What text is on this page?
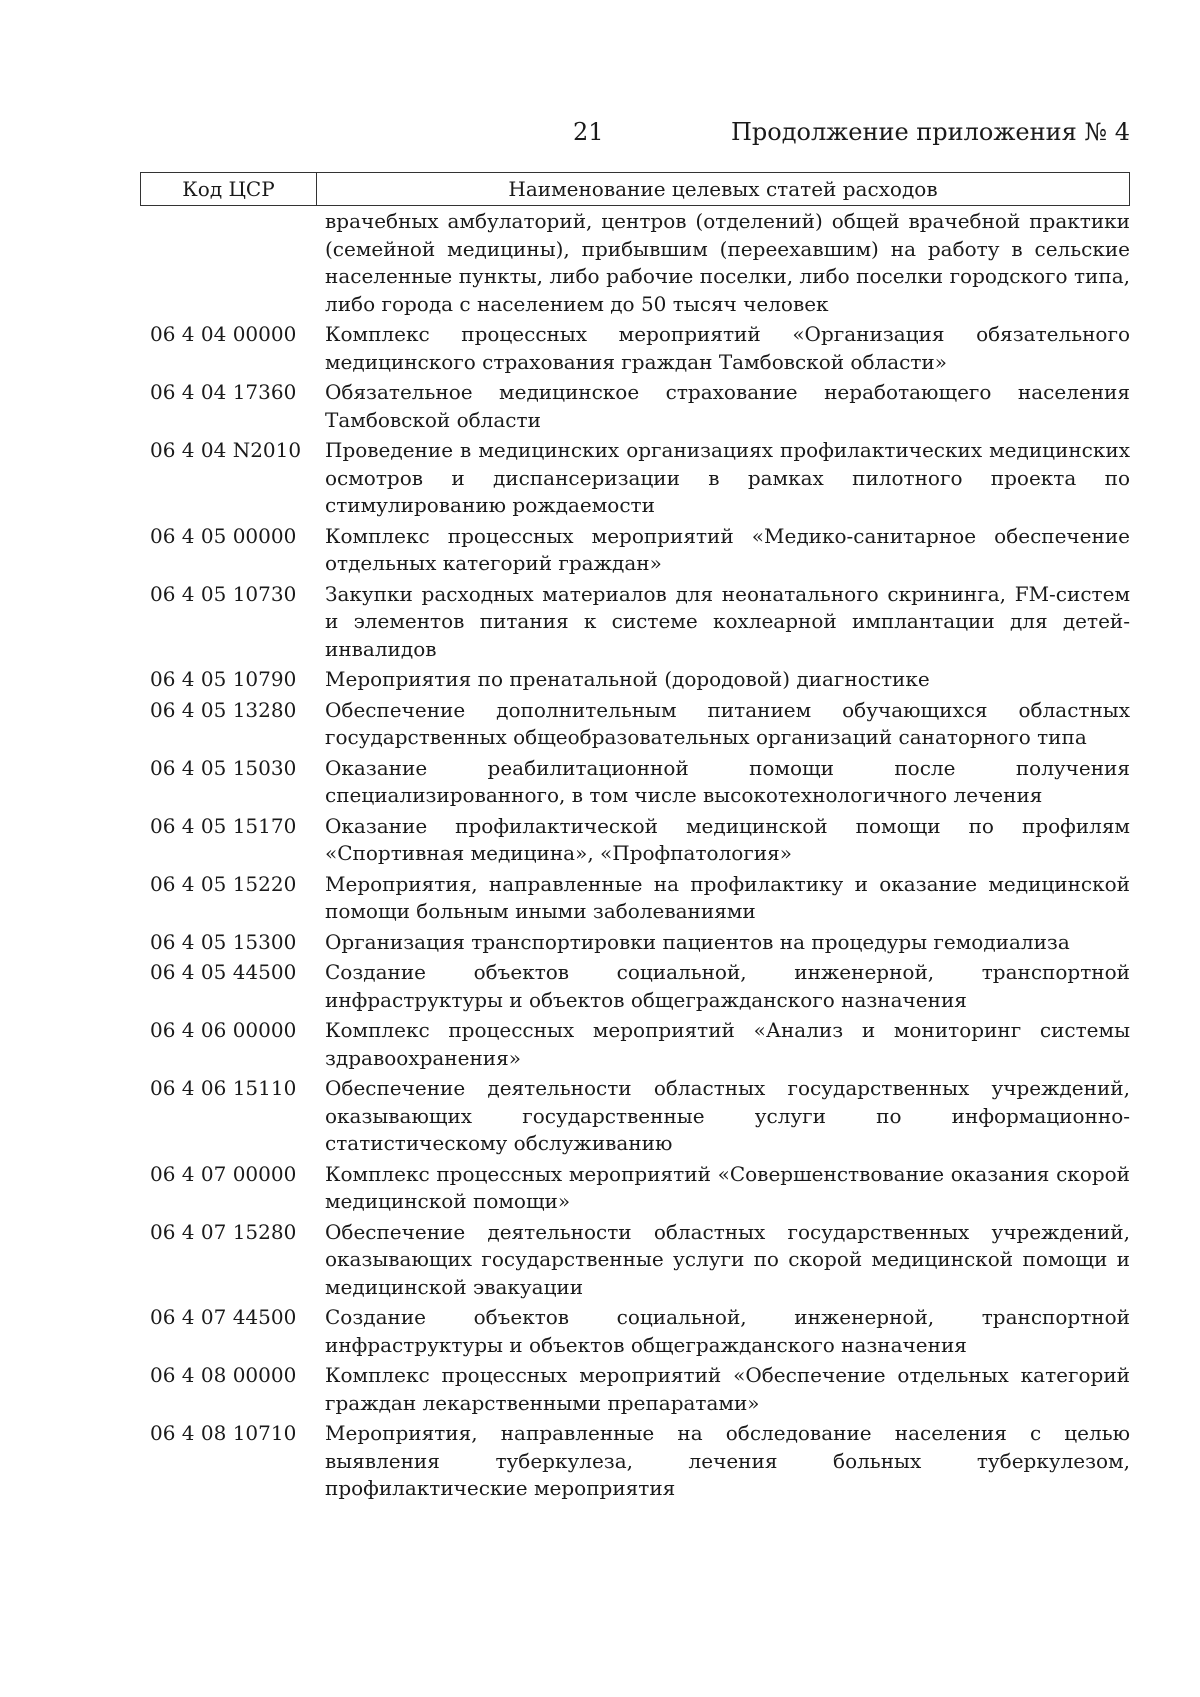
21	Продолжение приложения № 4
Код ЦСР	Наименование целевых статей расходов
врачебных амбулаторий, центров (отделений) общей врачебной практики (семейной медицины), прибывшим (переехавшим) на работу в сельские населенные пункты, либо рабочие поселки, либо поселки городского типа, либо города с населением до 50 тысяч человек
06 4 04 00000	Комплекс процессных мероприятий «Организация обязательного медицинского страхования граждан Тамбовской области»
06 4 04 17360	Обязательное медицинское страхование неработающего населения Тамбовской области
06 4 04 N2010	Проведение в медицинских организациях профилактических медицинских осмотров и диспансеризации в рамках пилотного проекта по стимулированию рождаемости
06 4 05 00000	Комплекс процессных мероприятий «Медико-санитарное обеспечение отдельных категорий граждан»
06 4 05 10730	Закупки расходных материалов для неонатального скрининга, FM-систем и элементов питания к системе кохлеарной имплантации для детей-инвалидов
06 4 05 10790	Мероприятия по пренатальной (дородовой) диагностике
06 4 05 13280	Обеспечение дополнительным питанием обучающихся областных государственных общеобразовательных организаций санаторного типа
06 4 05 15030	Оказание реабилитационной помощи после получения специализированного, в том числе высокотехнологичного лечения
06 4 05 15170	Оказание профилактической медицинской помощи по профилям «Спортивная медицина», «Профпатология»
06 4 05 15220	Мероприятия, направленные на профилактику и оказание медицинской помощи больным иными заболеваниями
06 4 05 15300	Организация транспортировки пациентов на процедуры гемодиализа
06 4 05 44500	Создание объектов социальной, инженерной, транспортной инфраструктуры и объектов общегражданского назначения
06 4 06 00000	Комплекс процессных мероприятий «Анализ и мониторинг системы здравоохранения»
06 4 06 15110	Обеспечение деятельности областных государственных учреждений, оказывающих государственные услуги по информационно-статистическому обслуживанию
06 4 07 00000	Комплекс процессных мероприятий «Совершенствование оказания скорой медицинской помощи»
06 4 07 15280	Обеспечение деятельности областных государственных учреждений, оказывающих государственные услуги по скорой медицинской помощи и медицинской эвакуации
06 4 07 44500	Создание объектов социальной, инженерной, транспортной инфраструктуры и объектов общегражданского назначения
06 4 08 00000	Комплекс процессных мероприятий «Обеспечение отдельных категорий граждан лекарственными препаратами»
06 4 08 10710	Мероприятия, направленные на обследование населения с целью выявления туберкулеза, лечения больных туберкулезом, профилактические мероприятия
